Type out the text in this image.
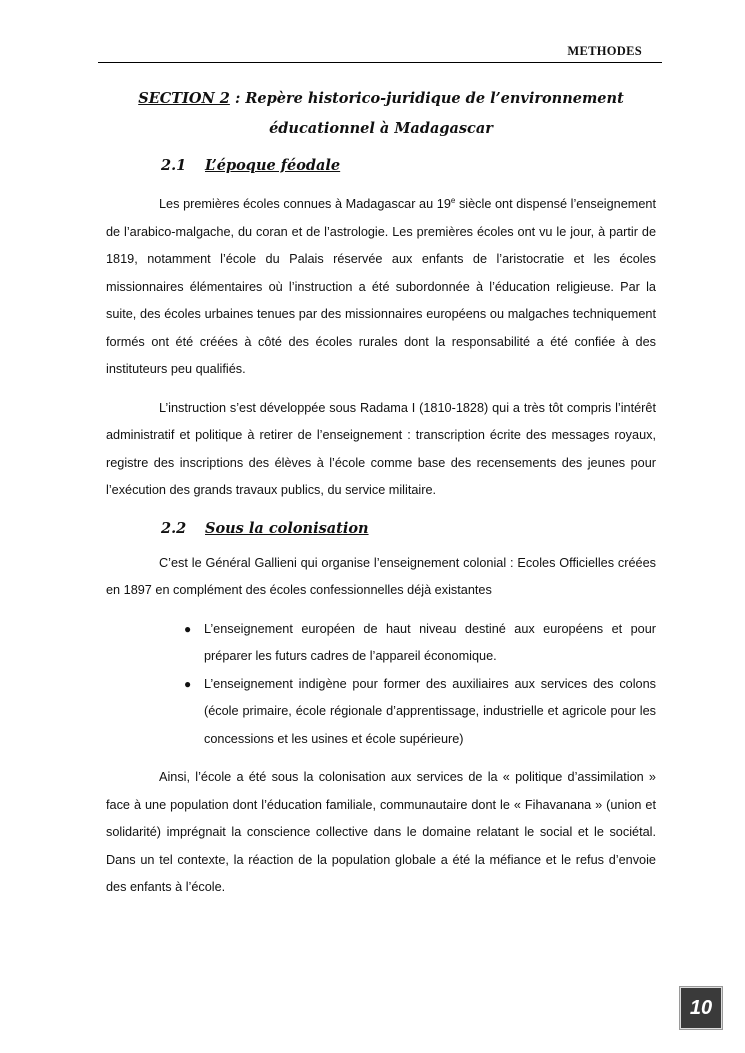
METHODES
SECTION 2 : Repère historico-juridique de l’environnement éducationnel à Madagascar
2.1 L’époque féodale

Les premières écoles connues à Madagascar au 19e siècle ont dispensé l’enseignement de l’arabico-malgache, du coran et de l’astrologie. Les premières écoles ont vu le jour, à partir de 1819, notamment l’école du Palais réservée aux enfants de l’aristocratie et les écoles missionnaires élémentaires où l’instruction a été subordonnée à l’éducation religieuse. Par la suite, des écoles urbaines tenues par des missionnaires européens ou malgaches techniquement formés ont été créées à côté des écoles rurales dont la responsabilité a été confiée à des instituteurs peu qualifiés.

L’instruction s’est développée sous Radama I (1810-1828) qui a très tôt compris l’intérêt administratif et politique à retirer de l’enseignement : transcription écrite des messages royaux, registre des inscriptions des élèves à l’école comme base des recensements des jeunes pour l’exécution des grands travaux publics, du service militaire.

2.2 Sous la colonisation

C’est le Général Gallieni qui organise l’enseignement colonial : Ecoles Officielles créées en 1897 en complément des écoles confessionnelles déjà existantes

● L’enseignement européen de haut niveau destiné aux européens et pour préparer les futurs cadres de l’appareil économique.
● L’enseignement indigène pour former des auxiliaires aux services des colons (école primaire, école régionale d’apprentissage, industrielle et agricole pour les concessions et les usines et école supérieure)

Ainsi, l’école a été sous la colonisation aux services de la « politique d’assimilation » face à une population dont l’éducation familiale, communautaire dont le « Fihavanana » (union et solidarité) imprégnait la conscience collective dans le domaine relatant le social et le sociétal. Dans un tel contexte, la réaction de la population globale a été la méfiance et le refus d’envoie des enfants à l’école.

10
